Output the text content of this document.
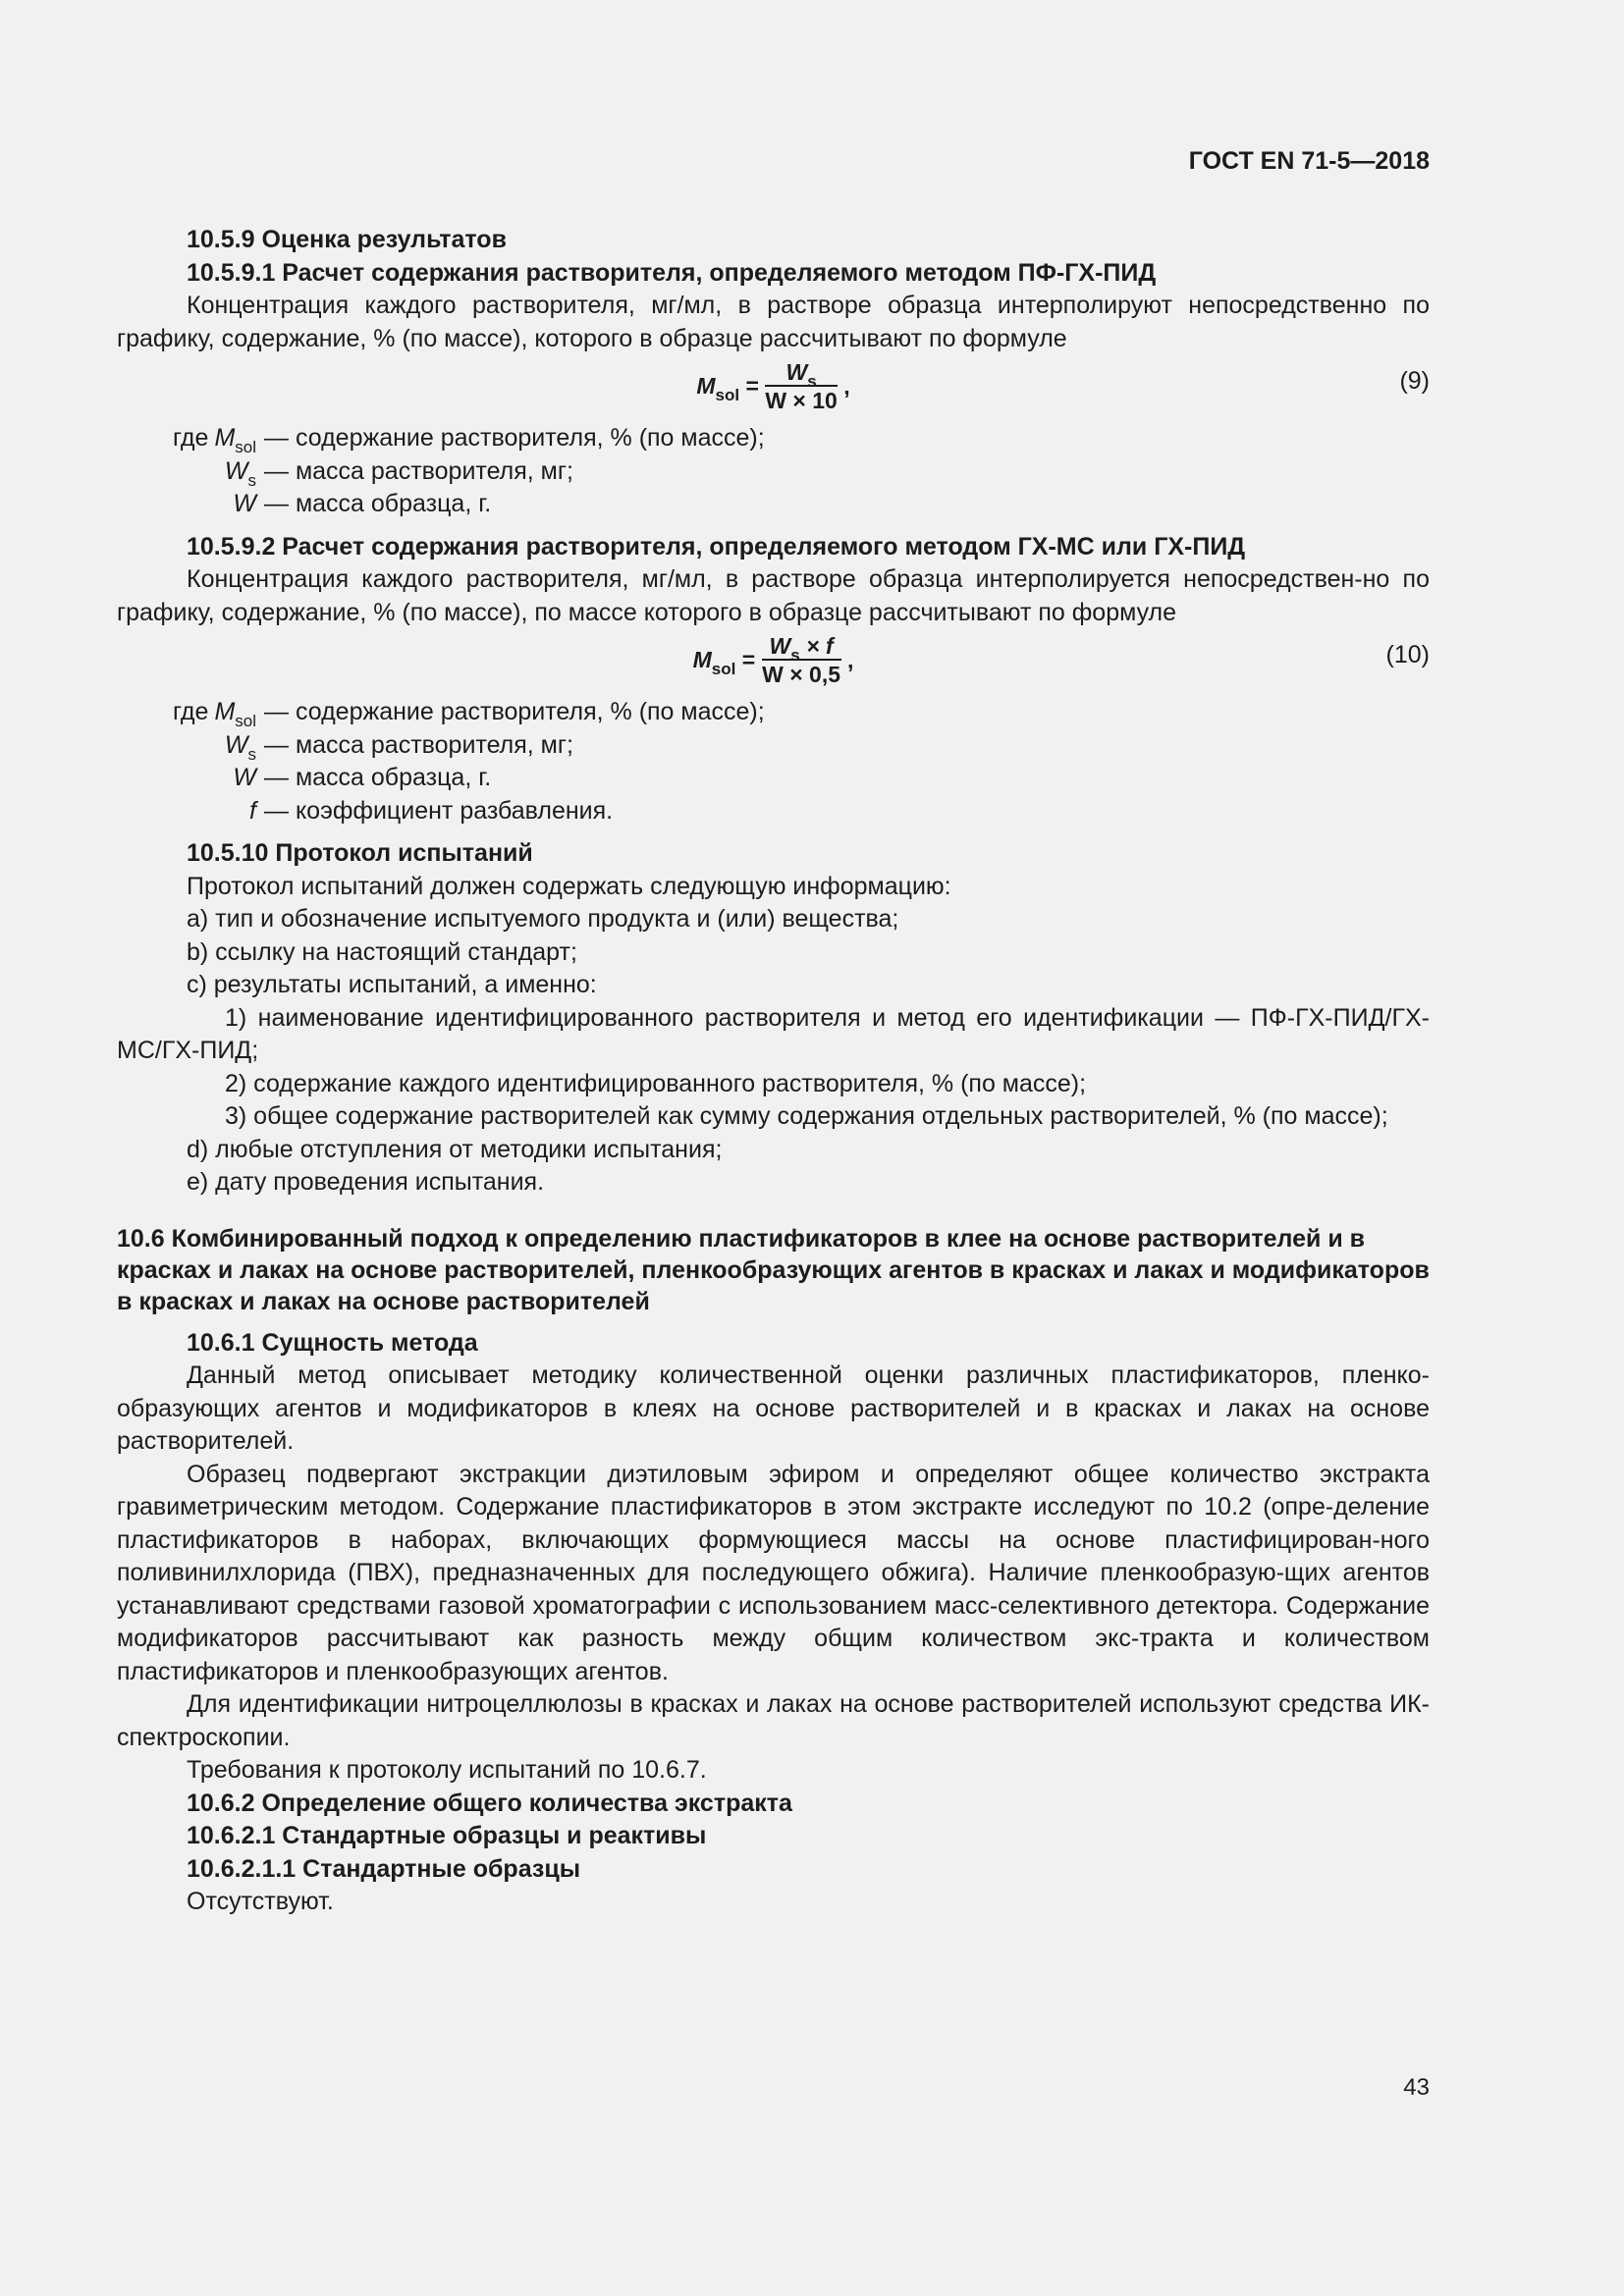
ГОСТ EN 71-5—2018

10.5.9 Оценка результатов

10.5.9.1 Расчет содержания растворителя, определяемого методом ПФ-ГХ-ПИД

Концентрация каждого растворителя, мг/мл, в растворе образца интерполируют непосредственно по графику, содержание, % (по массе), которого в образце рассчитывают по формуле

$M_{sol} = \frac{W_s}{W \times 10}$ ,	(9)
где $M_{sol}$ — содержание растворителя, % (по массе);
$W_s$ — масса растворителя, мг;
W — масса образца, г.

10.5.9.2 Расчет содержания растворителя, определяемого методом ГХ-МС или ГХ-ПИД

Концентрация каждого растворителя, мг/мл, в растворе образца интерполируется непосредствен-но по графику, содержание, % (по массе), по массе которого в образце рассчитывают по формуле

$M_{sol} = \frac{W_s \times f}{W \times 0,5}$ ,	(10)
где $M_{sol}$ — содержание растворителя, % (по массе);
$W_s$ — масса растворителя, мг;
W — масса образца, г.
f — коэффициент разбавления.

10.5.10 Протокол испытаний

Протокол испытаний должен содержать следующую информацию:

a) тип и обозначение испытуемого продукта и (или) вещества;

b) ссылку на настоящий стандарт;

c) результаты испытаний, а именно:

1) наименование идентифицированного растворителя и метод его идентификации — ПФ-ГХ-ПИД/ГХ-МС/ГХ-ПИД;

2) содержание каждого идентифицированного растворителя, % (по массе);

3) общее содержание растворителей как сумму содержания отдельных растворителей, % (по массе);

d) любые отступления от методики испытания;

e) дату проведения испытания.

10.6 Комбинированный подход к определению пластификаторов в клее на основе растворителей и в красках и лаках на основе растворителей, пленкообразующих агентов в красках и лаках и модификаторов в красках и лаках на основе растворителей

10.6.1 Сущность метода

Данный метод описывает методику количественной оценки различных пластификаторов, пленко-образующих агентов и модификаторов в клеях на основе растворителей и в красках и лаках на основе растворителей.

Образец подвергают экстракции диэтиловым эфиром и определяют общее количество экстракта гравиметрическим методом. Содержание пластификаторов в этом экстракте исследуют по 10.2 (опре-деление пластификаторов в наборах, включающих формующиеся массы на основе пластифицирован-ного поливинилхлорида (ПВХ), предназначенных для последующего обжига). Наличие пленкообразую-щих агентов устанавливают средствами газовой хроматографии с использованием масс-селективного детектора. Содержание модификаторов рассчитывают как разность между общим количеством экс-тракта и количеством пластификаторов и пленкообразующих агентов.

Для идентификации нитроцеллюлозы в красках и лаках на основе растворителей используют средства ИК-спектроскопии.

Требования к протоколу испытаний по 10.6.7.

10.6.2 Определение общего количества экстракта

10.6.2.1 Стандартные образцы и реактивы

10.6.2.1.1 Стандартные образцы

Отсутствуют.

43
